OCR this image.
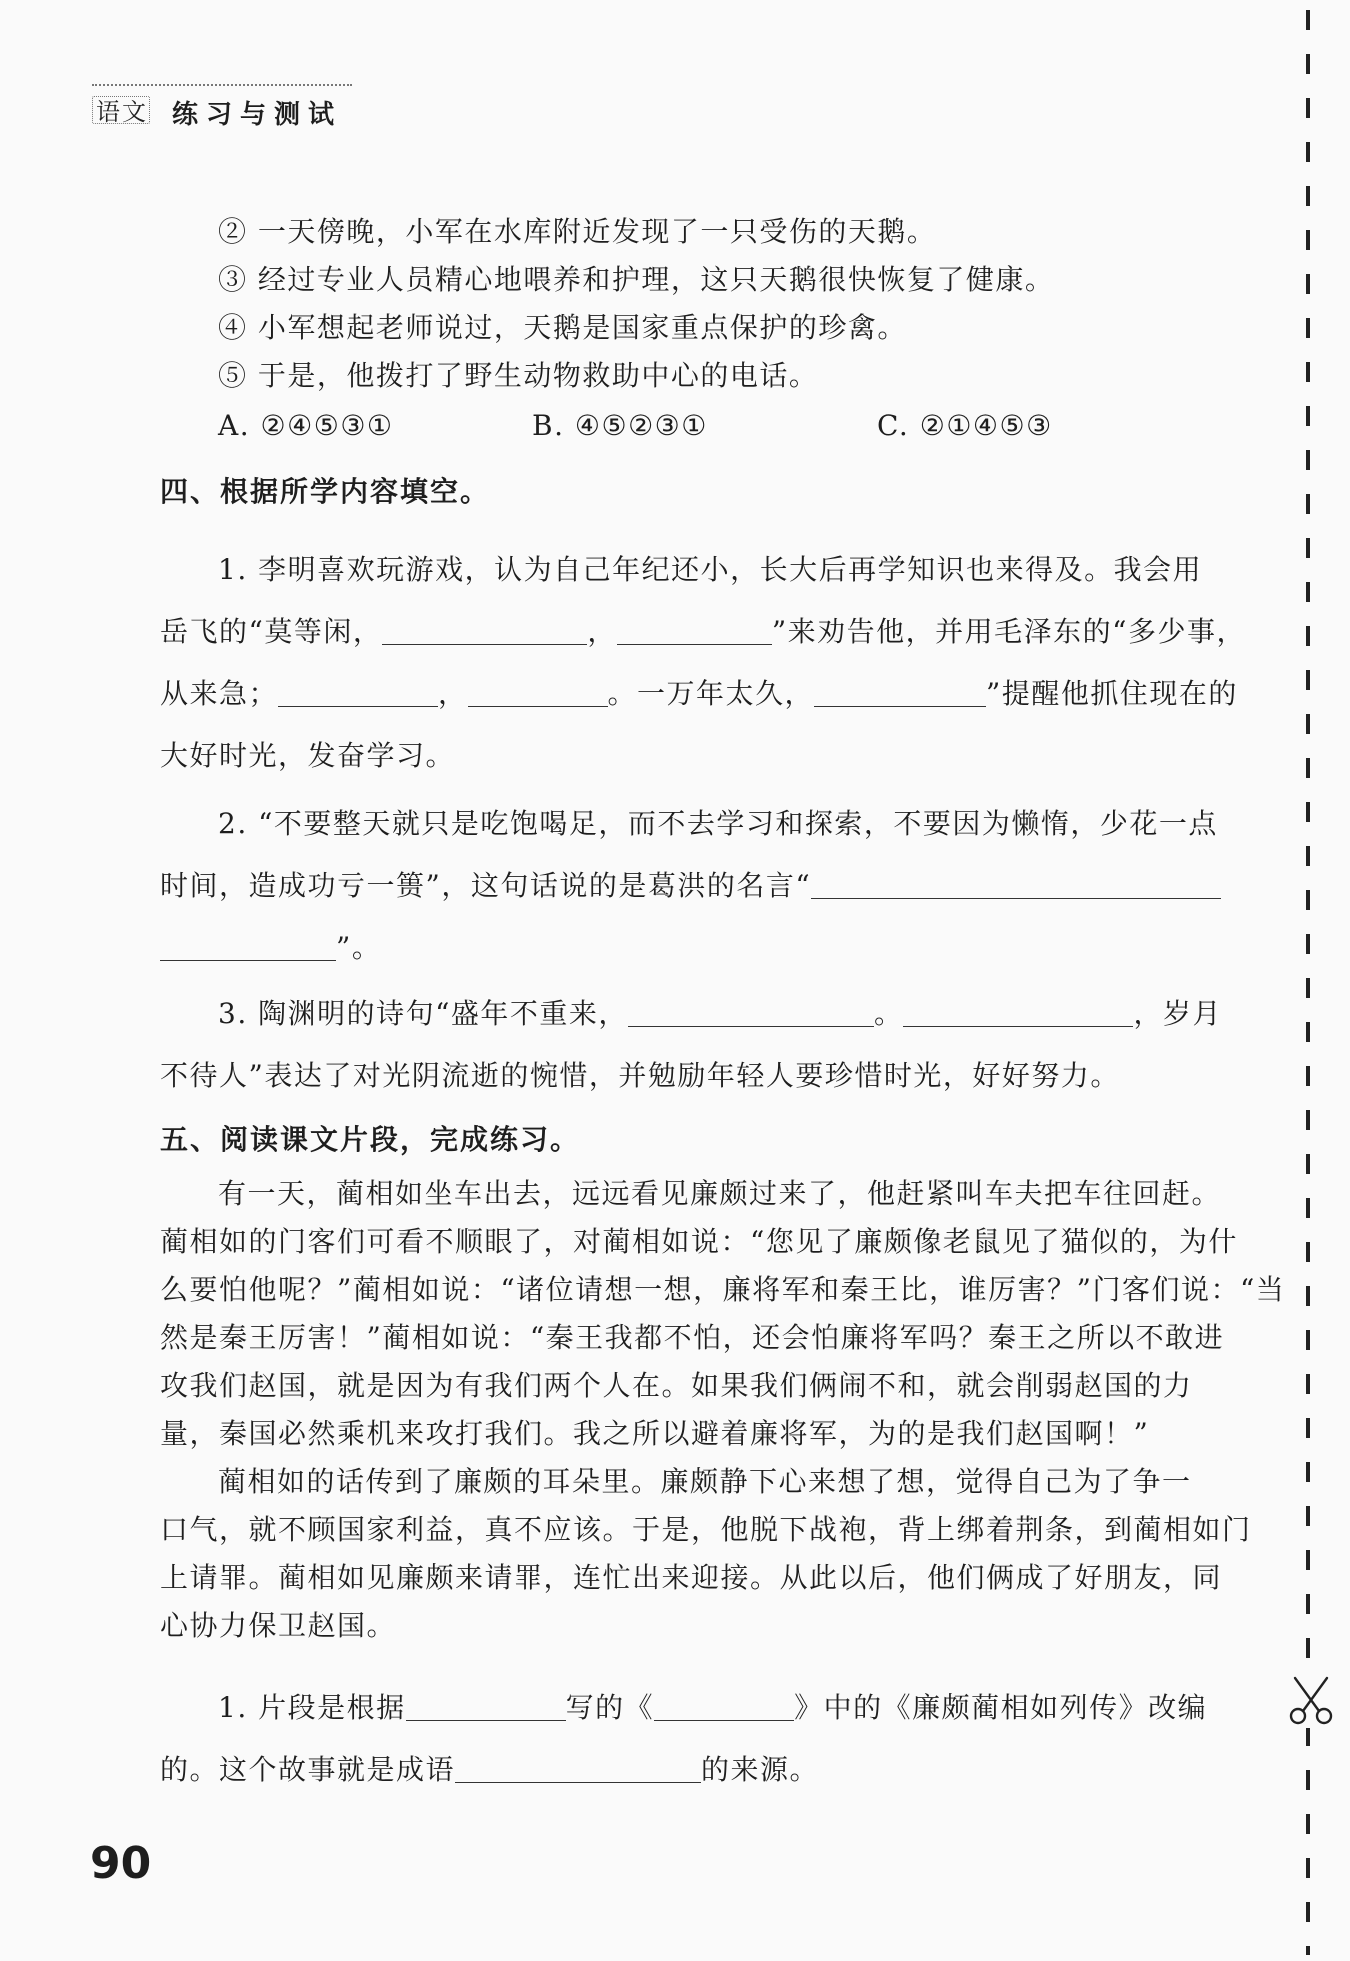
语文 练习与测试
② 一天傍晚，小军在水库附近发现了一只受伤的天鹅。
③ 经过专业人员精心地喂养和护理，这只天鹅很快恢复了健康。
④ 小军想起老师说过，天鹅是国家重点保护的珍禽。
⑤ 于是，他拨打了野生动物救助中心的电话。
A. ②④⑤③①	B. ④⑤②③①	C. ②①④⑤③
四、根据所学内容填空。
1. 李明喜欢玩游戏，认为自己年纪还小，长大后再学知识也来得及。我会用
岳飞的“莫等闲，	，	”来劝告他，并用毛泽东的“多少事，
从来急；	，	。一万年太久，	”提醒他抓住现在的
大好时光，发奋学习。
2. “不要整天就只是吃饱喝足，而不去学习和探索，不要因为懒惰，少花一点
时间，造成功亏一篑”，这句话说的是葛洪的名言“
”。
3. 陶渊明的诗句“盛年不重来，	。	，岁月
不待人”表达了对光阴流逝的惋惜，并勉励年轻人要珍惜时光，好好努力。
五、阅读课文片段，完成练习。
有一天，蔺相如坐车出去，远远看见廉颇过来了，他赶紧叫车夫把车往回赶。
蔺相如的门客们可看不顺眼了，对蔺相如说：“您见了廉颇像老鼠见了猫似的，为什
么要怕他呢？”蔺相如说：“诸位请想一想，廉将军和秦王比，谁厉害？”门客们说：“当
然是秦王厉害！”蔺相如说：“秦王我都不怕，还会怕廉将军吗？秦王之所以不敢进
攻我们赵国，就是因为有我们两个人在。如果我们俩闹不和，就会削弱赵国的力
量，秦国必然乘机来攻打我们。我之所以避着廉将军，为的是我们赵国啊！”
蔺相如的话传到了廉颇的耳朵里。廉颇静下心来想了想，觉得自己为了争一
口气，就不顾国家利益，真不应该。于是，他脱下战袍，背上绑着荆条，到蔺相如门
上请罪。蔺相如见廉颇来请罪，连忙出来迎接。从此以后，他们俩成了好朋友，同
心协力保卫赵国。
1. 片段是根据	写的《	》中的《廉颇蔺相如列传》改编
的。这个故事就是成语	的来源。
90
